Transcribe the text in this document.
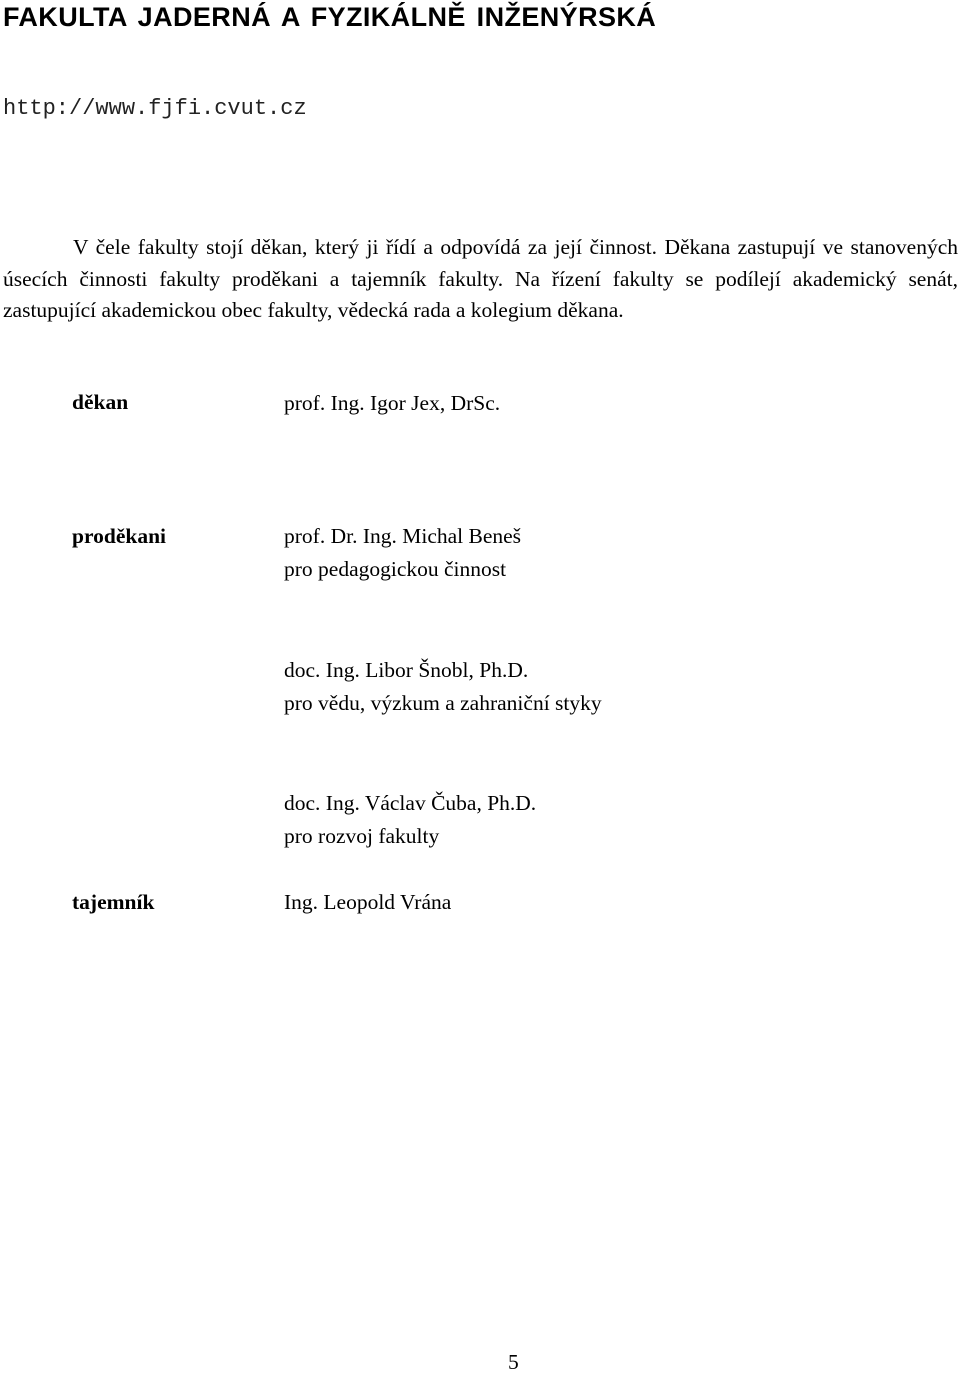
FAKULTA JADERNÁ A FYZIKÁLNĚ INŽENÝRSKÁ
http://www.fjfi.cvut.cz
V čele fakulty stojí děkan, který ji řídí a odpovídá za její činnost. Děkana zastupují ve stanovených úsecích činnosti fakulty proděkani a tajemník fakulty. Na řízení fakulty se podílejí akademický senát, zastupující akademickou obec fakulty, vědecká rada a kolegium děkana.
děkan	prof. Ing. Igor Jex, DrSc.
proděkani	prof. Dr. Ing. Michal Beneš
pro pedagogickou činnost
doc. Ing. Libor Šnobl, Ph.D.
pro vědu, výzkum a zahraniční styky
doc. Ing. Václav Čuba, Ph.D.
pro rozvoj fakulty
tajemník	Ing. Leopold Vrána
5
